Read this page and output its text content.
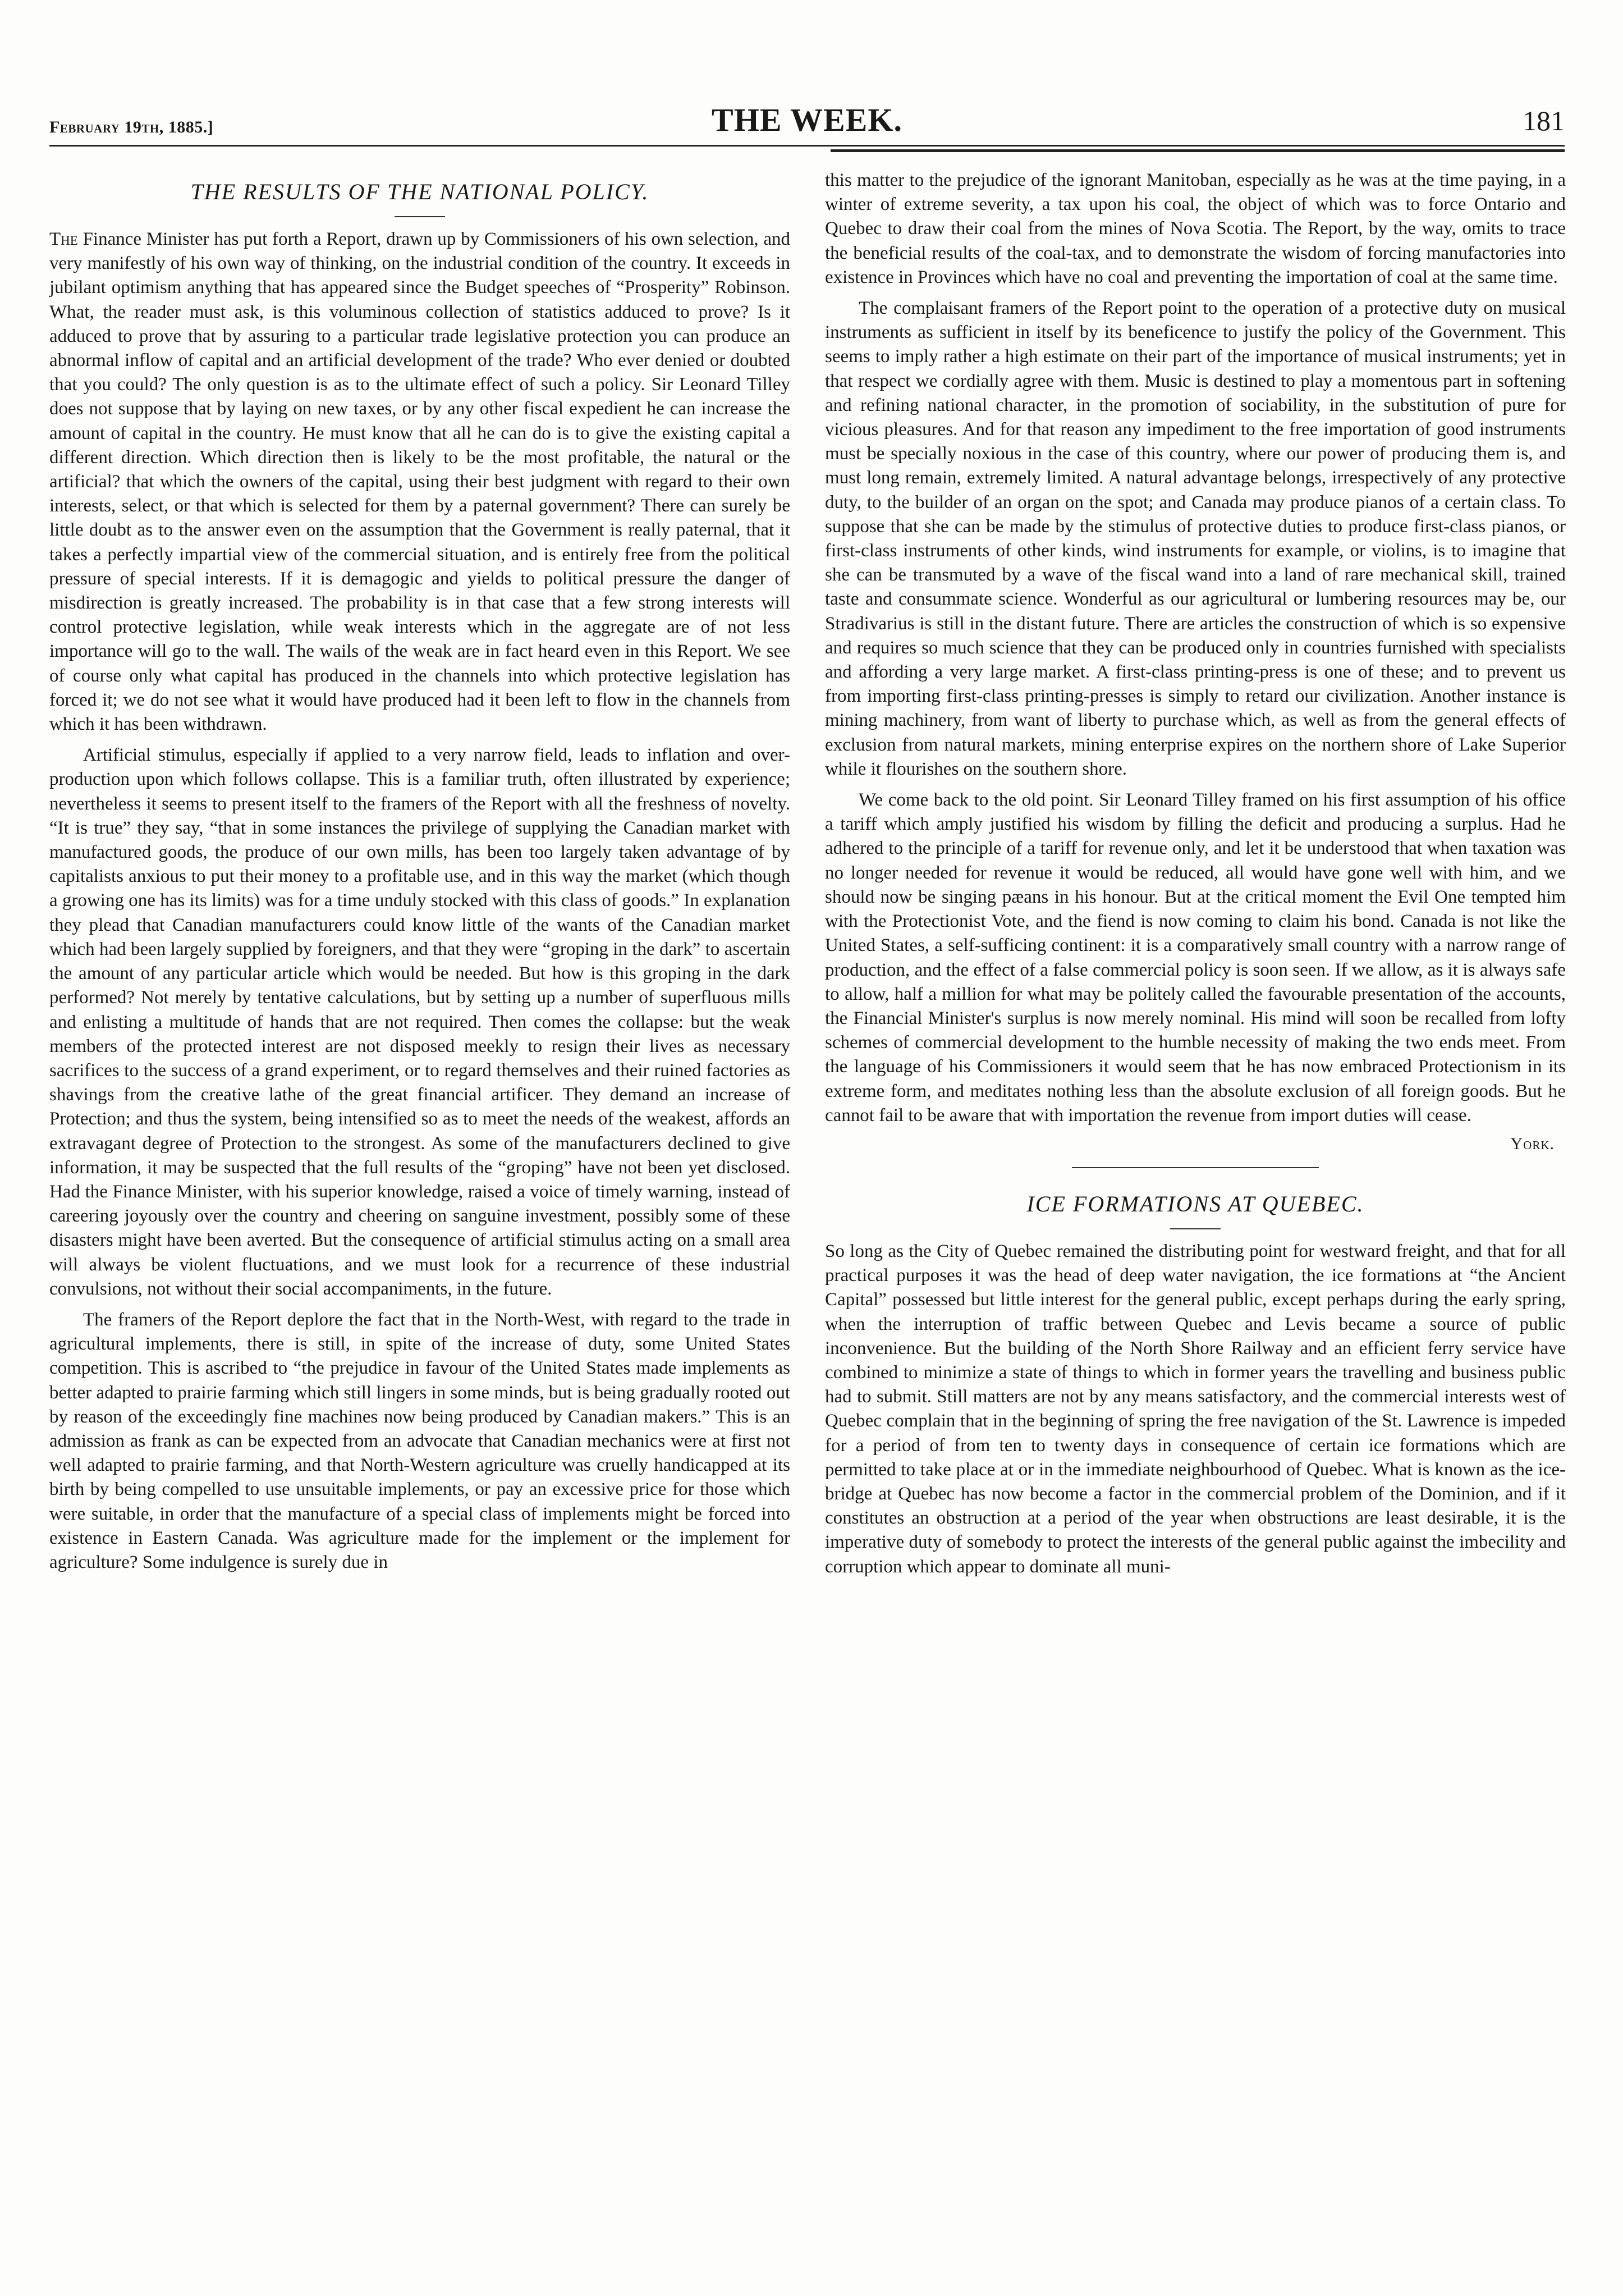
February 19th, 1885.]	THE WEEK.	181
THE RESULTS OF THE NATIONAL POLICY.

The Finance Minister has put forth a Report, drawn up by Commissioners of his own selection, and very manifestly of his own way of thinking, on the industrial condition of the country. It exceeds in jubilant optimism anything that has appeared since the Budget speeches of “Prosperity” Robinson. What, the reader must ask, is this voluminous collection of statistics adduced to prove? Is it adduced to prove that by assuring to a particular trade legislative protection you can produce an abnormal inflow of capital and an artificial development of the trade? Who ever denied or doubted that you could? The only question is as to the ultimate effect of such a policy. Sir Leonard Tilley does not suppose that by laying on new taxes, or by any other fiscal expedient he can increase the amount of capital in the country. He must know that all he can do is to give the existing capital a different direction. Which direction then is likely to be the most profitable, the natural or the artificial? that which the owners of the capital, using their best judgment with regard to their own interests, select, or that which is selected for them by a paternal government? There can surely be little doubt as to the answer even on the assumption that the Government is really paternal, that it takes a perfectly impartial view of the commercial situation, and is entirely free from the political pressure of special interests. If it is demagogic and yields to political pressure the danger of misdirection is greatly increased. The probability is in that case that a few strong interests will control protective legislation, while weak interests which in the aggregate are of not less importance will go to the wall. The wails of the weak are in fact heard even in this Report. We see of course only what capital has produced in the channels into which protective legislation has forced it; we do not see what it would have produced had it been left to flow in the channels from which it has been withdrawn.

Artificial stimulus, especially if applied to a very narrow field, leads to inflation and over-production upon which follows collapse. This is a familiar truth, often illustrated by experience; nevertheless it seems to present itself to the framers of the Report with all the freshness of novelty. “It is true” they say, “that in some instances the privilege of supplying the Canadian market with manufactured goods, the produce of our own mills, has been too largely taken advantage of by capitalists anxious to put their money to a profitable use, and in this way the market (which though a growing one has its limits) was for a time unduly stocked with this class of goods.” In explanation they plead that Canadian manufacturers could know little of the wants of the Canadian market which had been largely supplied by foreigners, and that they were “groping in the dark” to ascertain the amount of any particular article which would be needed. But how is this groping in the dark performed? Not merely by tentative calculations, but by setting up a number of superfluous mills and enlisting a multitude of hands that are not required. Then comes the collapse: but the weak members of the protected interest are not disposed meekly to resign their lives as necessary sacrifices to the success of a grand experiment, or to regard themselves and their ruined factories as shavings from the creative lathe of the great financial artificer. They demand an increase of Protection; and thus the system, being intensified so as to meet the needs of the weakest, affords an extravagant degree of Protection to the strongest. As some of the manufacturers declined to give information, it may be suspected that the full results of the “groping” have not been yet disclosed. Had the Finance Minister, with his superior knowledge, raised a voice of timely warning, instead of careering joyously over the country and cheering on sanguine investment, possibly some of these disasters might have been averted. But the consequence of artificial stimulus acting on a small area will always be violent fluctuations, and we must look for a recurrence of these industrial convulsions, not without their social accompaniments, in the future.

The framers of the Report deplore the fact that in the North-West, with regard to the trade in agricultural implements, there is still, in spite of the increase of duty, some United States competition. This is ascribed to “the prejudice in favour of the United States made implements as better adapted to prairie farming which still lingers in some minds, but is being gradually rooted out by reason of the exceedingly fine machines now being produced by Canadian makers.” This is an admission as frank as can be expected from an advocate that Canadian mechanics were at first not well adapted to prairie farming, and that North-Western agriculture was cruelly handicapped at its birth by being compelled to use unsuitable implements, or pay an excessive price for those which were suitable, in order that the manufacture of a special class of implements might be forced into existence in Eastern Canada. Was agriculture made for the implement or the implement for agriculture? Some indulgence is surely due in

this matter to the prejudice of the ignorant Manitoban, especially as he was at the time paying, in a winter of extreme severity, a tax upon his coal, the object of which was to force Ontario and Quebec to draw their coal from the mines of Nova Scotia. The Report, by the way, omits to trace the beneficial results of the coal-tax, and to demonstrate the wisdom of forcing manufactories into existence in Provinces which have no coal and preventing the importation of coal at the same time.

The complaisant framers of the Report point to the operation of a protective duty on musical instruments as sufficient in itself by its beneficence to justify the policy of the Government. This seems to imply rather a high estimate on their part of the importance of musical instruments; yet in that respect we cordially agree with them. Music is destined to play a momentous part in softening and refining national character, in the promotion of sociability, in the substitution of pure for vicious pleasures. And for that reason any impediment to the free importation of good instruments must be specially noxious in the case of this country, where our power of producing them is, and must long remain, extremely limited. A natural advantage belongs, irrespectively of any protective duty, to the builder of an organ on the spot; and Canada may produce pianos of a certain class. To suppose that she can be made by the stimulus of protective duties to produce first-class pianos, or first-class instruments of other kinds, wind instruments for example, or violins, is to imagine that she can be transmuted by a wave of the fiscal wand into a land of rare mechanical skill, trained taste and consummate science. Wonderful as our agricultural or lumbering resources may be, our Stradivarius is still in the distant future. There are articles the construction of which is so expensive and requires so much science that they can be produced only in countries furnished with specialists and affording a very large market. A first-class printing-press is one of these; and to prevent us from importing first-class printing-presses is simply to retard our civilization. Another instance is mining machinery, from want of liberty to purchase which, as well as from the general effects of exclusion from natural markets, mining enterprise expires on the northern shore of Lake Superior while it flourishes on the southern shore.

We come back to the old point. Sir Leonard Tilley framed on his first assumption of his office a tariff which amply justified his wisdom by filling the deficit and producing a surplus. Had he adhered to the principle of a tariff for revenue only, and let it be understood that when taxation was no longer needed for revenue it would be reduced, all would have gone well with him, and we should now be singing pæans in his honour. But at the critical moment the Evil One tempted him with the Protectionist Vote, and the fiend is now coming to claim his bond. Canada is not like the United States, a self-sufficing continent: it is a comparatively small country with a narrow range of production, and the effect of a false commercial policy is soon seen. If we allow, as it is always safe to allow, half a million for what may be politely called the favourable presentation of the accounts, the Financial Minister's surplus is now merely nominal. His mind will soon be recalled from lofty schemes of commercial development to the humble necessity of making the two ends meet. From the language of his Commissioners it would seem that he has now embraced Protectionism in its extreme form, and meditates nothing less than the absolute exclusion of all foreign goods. But he cannot fail to be aware that with importation the revenue from import duties will cease.

York.
ICE FORMATIONS AT QUEBEC.

So long as the City of Quebec remained the distributing point for westward freight, and that for all practical purposes it was the head of deep water navigation, the ice formations at “the Ancient Capital” possessed but little interest for the general public, except perhaps during the early spring, when the interruption of traffic between Quebec and Levis became a source of public inconvenience. But the building of the North Shore Railway and an efficient ferry service have combined to minimize a state of things to which in former years the travelling and business public had to submit. Still matters are not by any means satisfactory, and the commercial interests west of Quebec complain that in the beginning of spring the free navigation of the St. Lawrence is impeded for a period of from ten to twenty days in consequence of certain ice formations which are permitted to take place at or in the immediate neighbourhood of Quebec. What is known as the ice-bridge at Quebec has now become a factor in the commercial problem of the Dominion, and if it constitutes an obstruction at a period of the year when obstructions are least desirable, it is the imperative duty of somebody to protect the interests of the general public against the imbecility and corruption which appear to dominate all muni-
